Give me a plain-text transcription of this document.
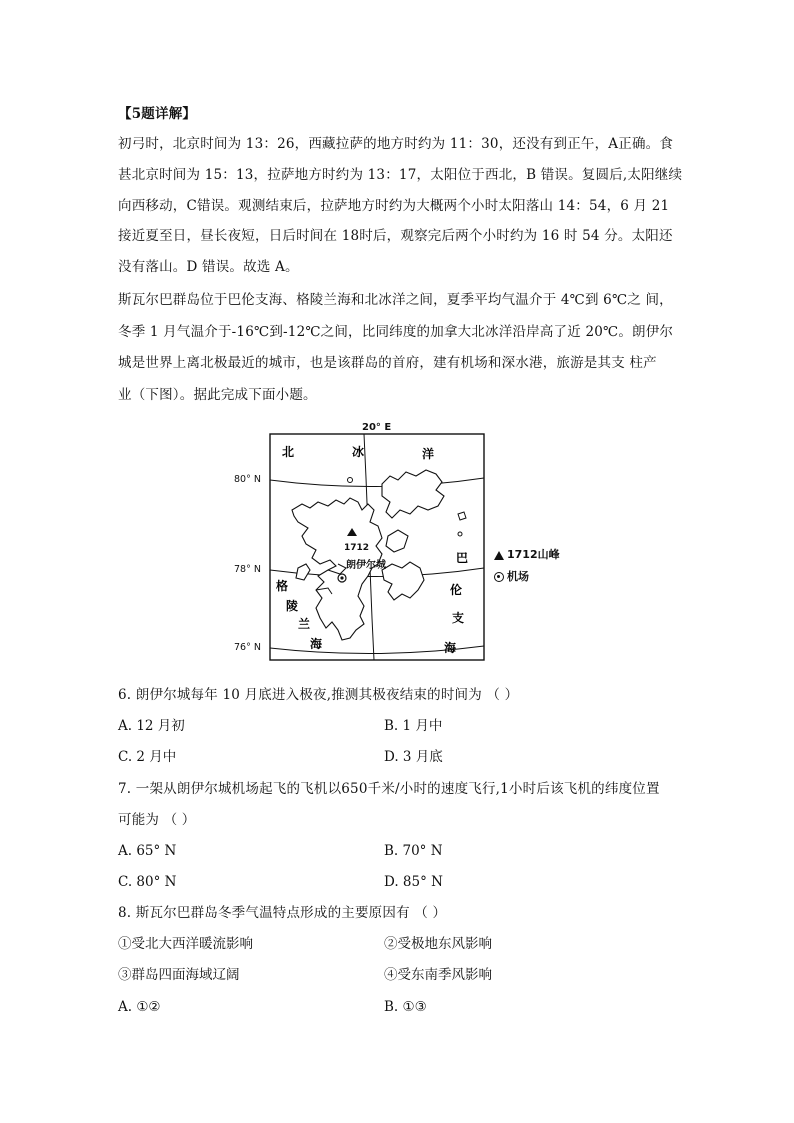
【5题详解】
初弓时，北京时间为 13：26，西藏拉萨的地方时约为 11：30，还没有到正午，A正确。食
甚北京时间为 15：13，拉萨地方时约为 13：17，太阳位于西北，B 错误。复圆后,太阳继续
向西移动，C错误。观测结束后，拉萨地方时约为大概两个小时太阳落山 14：54，6 月 21
接近夏至日，昼长夜短，日后时间在 18时后，观察完后两个小时约为 16 时 54 分。太阳还
没有落山。D 错误。故选 A。
斯瓦尔巴群岛位于巴伦支海、格陵兰海和北冰洋之间，夏季平均气温介于 4℃到 6℃之 间，
冬季 1 月气温介于-16℃到-12℃之间，比同纬度的加拿大北冰洋沿岸高了近 20℃。朗伊尔
城是世界上离北极最近的城市，也是该群岛的首府，建有机场和深水港，旅游是其支 柱产
业（下图）。据此完成下面小题。
1712
朗伊尔城
20° E
80° N
78° N
76° N
北	冰	洋
格
陵
兰
海
巴
伦
支
海
1712山峰
机场
6. 朗伊尔城每年 10 月底进入极夜,推测其极夜结束的时间为 （ ）
A. 12 月初	B. 1 月中
C. 2 月中	D. 3 月底
7. 一架从朗伊尔城机场起飞的飞机以650千米/小时的速度飞行,1小时后该飞机的纬度位置
可能为 （ ）
A. 65° N	B. 70° N
C. 80° N	D. 85° N
8. 斯瓦尔巴群岛冬季气温特点形成的主要原因有 （ ）
①受北大西洋暖流影响	②受极地东风影响
③群岛四面海域辽阔	④受东南季风影响
A. ①②	B. ①③
